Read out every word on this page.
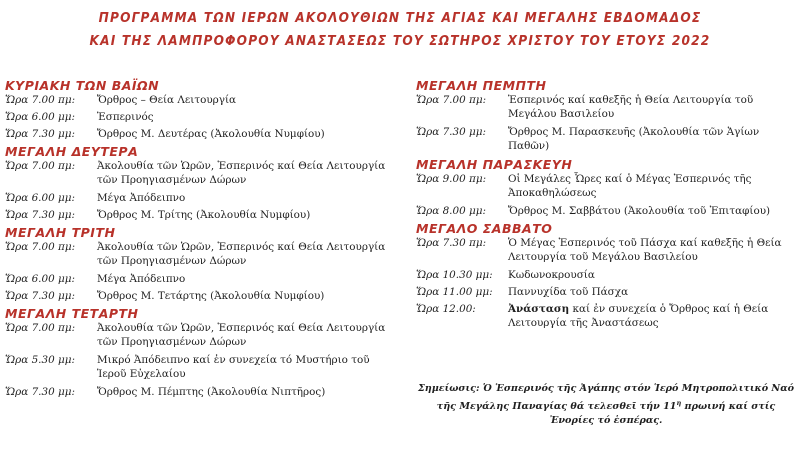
ΠΡΟΓΡΑΜΜΑ ΤΩΝ ΙΕΡΩΝ ΑΚΟΛΟΥΘΙΩΝ ΤΗΣ ΑΓΙΑΣ ΚΑΙ ΜΕΓΑΛΗΣ ΕΒΔΟΜΑΔΟΣ
ΚΑΙ ΤΗΣ ΛΑΜΠΡΟΦΟΡΟΥ ΑΝΑΣΤΑΣΕΩΣ ΤΟΥ ΣΩΤΗΡΟΣ ΧΡΙΣΤΟΥ ΤΟΥ ΕΤΟΥΣ 2022
ΚΥΡΙΑΚΗ ΤΩΝ ΒΑΪΩΝ
Ὥρα 7.00 πμ: Ὄρθρος – Θεία Λειτουργία
Ὥρα 6.00 μμ: Ἑσπερινός
Ὥρα 7.30 μμ: Ὄρθρος Μ. Δευτέρας (Ἀκολουθία Νυμφίου)
ΜΕΓΑΛΗ ΔΕΥΤΕΡΑ
Ὥρα 7.00 πμ: Ἀκολουθία τῶν Ὡρῶν, Ἑσπερινός καί Θεία Λειτουργία τῶν Προηγιασμένων Δώρων
Ὥρα 6.00 μμ: Μέγα Ἀπόδειπνο
Ὥρα 7.30 μμ: Ὄρθρος Μ. Τρίτης (Ἀκολουθία Νυμφίου)
ΜΕΓΑΛΗ ΤΡΙΤΗ
Ὥρα 7.00 πμ: Ἀκολουθία τῶν Ὡρῶν, Ἑσπερινός καί Θεία Λειτουργία τῶν Προηγιασμένων Δώρων
Ὥρα 6.00 μμ: Μέγα Ἀπόδειπνο
Ὥρα 7.30 μμ: Ὄρθρος Μ. Τετάρτης (Ἀκολουθία Νυμφίου)
ΜΕΓΑΛΗ ΤΕΤΑΡΤΗ
Ὥρα 7.00 πμ: Ἀκολουθία τῶν Ὡρῶν, Ἑσπερινός καί Θεία Λειτουργία τῶν Προηγιασμένων Δώρων
Ὥρα 5.30 μμ: Μικρό Ἀπόδειπνο καί ἐν συνεχεία τό Μυστήριο τοῦ Ἱεροῦ Εὐχελαίου
Ὥρα 7.30 μμ: Ὄρθρος Μ. Πέμπτης (Ἀκολουθία Νιπτῆρος)
ΜΕΓΑΛΗ ΠΕΜΠΤΗ
Ὥρα 7.00 πμ: Ἑσπερινός καί καθεξῆς ἡ Θεία Λειτουργία τοῦ Μεγάλου Βασιλείου
Ὥρα 7.30 μμ: Ὄρθρος Μ. Παρασκευῆς (Ἀκολουθία τῶν Ἁγίων Παθῶν)
ΜΕΓΑΛΗ ΠΑΡΑΣΚΕΥΗ
Ὥρα 9.00 πμ: Οἱ Μεγάλες Ὧρες καί ὁ Μέγας Ἑσπερινός τῆς Ἀποκαθηλώσεως
Ὥρα 8.00 μμ: Ὄρθρος Μ. Σαββάτου (Ἀκολουθία τοῦ Ἐπιταφίου)
ΜΕΓΑΛΟ ΣΑΒΒΑΤΟ
Ὥρα 7.30 πμ: Ὁ Μέγας Ἑσπερινός τοῦ Πάσχα καί καθεξῆς ἡ Θεία Λειτουργία τοῦ Μεγάλου Βασιλείου
Ὥρα 10.30 μμ: Κωδωνοκρουσία
Ὥρα 11.00 μμ: Παννυχίδα τοῦ Πάσχα
Ὥρα 12.00:	Ἀνάσταση καί ἐν συνεχεία ὁ Ὄρθρος καί ἡ Θεία Λειτουργία τῆς Ἀναστάσεως
Σημείωσις: Ὁ Ἑσπερινός τῆς Ἀγάπης στόν Ἱερό Μητροπολιτικό Ναό τῆς Μεγάλης Παναγίας θά τελεσθεῖ τήν $11^\eta$ πρωινή καί στίς Ἐνορίες τό ἑσπέρας.
